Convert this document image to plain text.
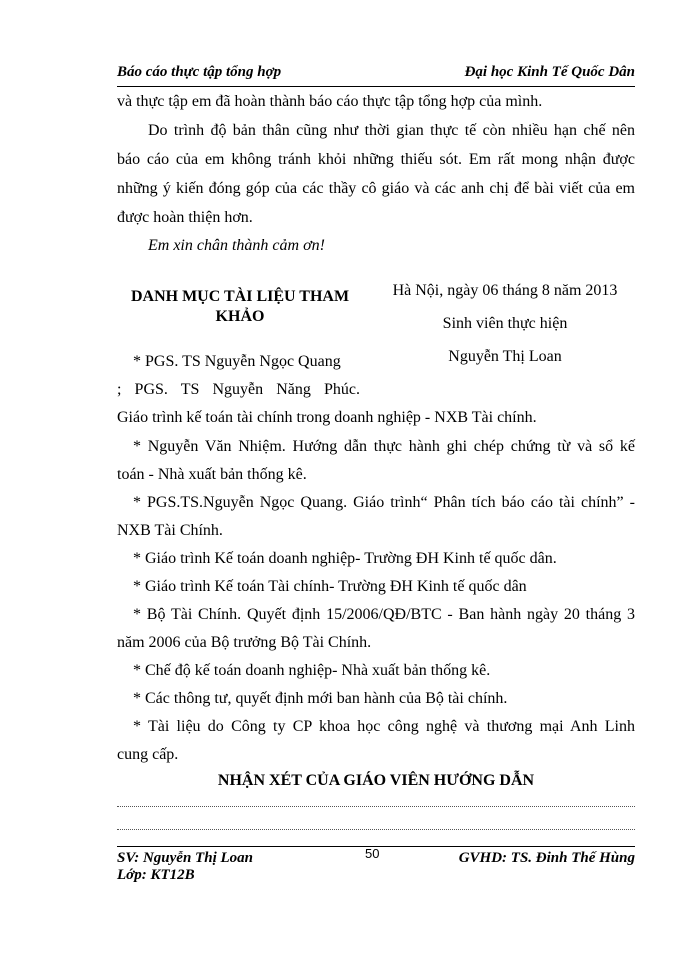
Báo cáo thực tập tổng hợp	Đại học Kinh Tế Quốc Dân
và thực tập em đã hoàn thành báo cáo thực tập tổng hợp của mình.
Do trình độ bản thân cũng như thời gian thực tế còn nhiều hạn chế nên
báo cáo của em không tránh khỏi những thiếu sót. Em rất mong nhận được
những ý kiến đóng góp của các thầy cô giáo và các anh chị để bài viết của em
được hoàn thiện hơn.
Em xin chân thành cảm ơn!
Hà Nội, ngày 06 tháng 8 năm 2013
Sinh viên thực hiện
Nguyễn Thị Loan
DANH MỤC TÀI LIỆU THAM
KHẢO
* PGS. TS Nguyễn Ngọc Quang
; PGS. TS Nguyễn Năng Phúc.
Giáo trình kế toán tài chính trong doanh nghiệp - NXB Tài chính.
* Nguyễn Văn Nhiệm. Hướng dẫn thực hành ghi chép chứng từ và sổ kế
toán - Nhà xuất bản thống kê.
* PGS.TS.Nguyễn Ngọc Quang. Giáo trình“ Phân tích báo cáo tài chính” -
NXB Tài Chính.
* Giáo trình Kế toán doanh nghiệp- Trường ĐH Kinh tế quốc dân.
* Giáo trình Kế toán Tài chính- Trường ĐH Kinh tế quốc dân
* Bộ Tài Chính. Quyết định 15/2006/QĐ/BTC - Ban hành ngày 20 tháng 3
năm 2006 của Bộ trưởng Bộ Tài Chính.
* Chế độ kế toán doanh nghiệp- Nhà xuất bản thống kê.
* Các thông tư, quyết định mới ban hành của Bộ tài chính.
* Tài liệu do Công ty CP khoa học công nghệ và thương mại Anh Linh
cung cấp.
NHẬN XÉT CỦA GIÁO VIÊN HƯỚNG DẪN
SV: Nguyễn Thị Loan	50	GVHD: TS. Đinh Thế Hùng
Lớp: KT12B
